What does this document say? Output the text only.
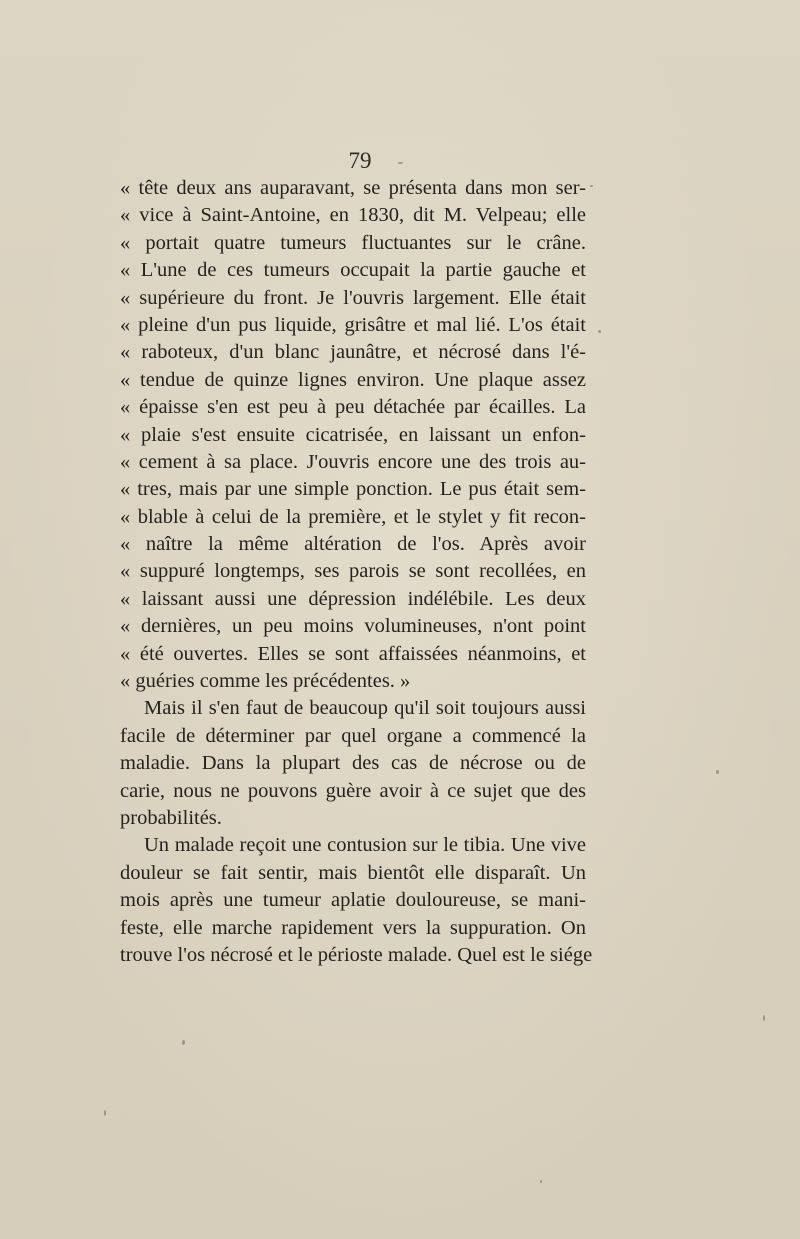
79
« tête deux ans auparavant, se présenta dans mon ser-
« vice à Saint-Antoine, en 1830, dit M. Velpeau; elle
« portait quatre tumeurs fluctuantes sur le crâne.
« L'une de ces tumeurs occupait la partie gauche et
« supérieure du front. Je l'ouvris largement. Elle était
« pleine d'un pus liquide, grisâtre et mal lié. L'os était
« raboteux, d'un blanc jaunâtre, et nécrosé dans l'é-
« tendue de quinze lignes environ. Une plaque assez
« épaisse s'en est peu à peu détachée par écailles. La
« plaie s'est ensuite cicatrisée, en laissant un enfon-
« cement à sa place. J'ouvris encore une des trois au-
« tres, mais par une simple ponction. Le pus était sem-
« blable à celui de la première, et le stylet y fit recon-
« naître la même altération de l'os. Après avoir
« suppuré longtemps, ses parois se sont recollées, en
« laissant aussi une dépression indélébile. Les deux
« dernières, un peu moins volumineuses, n'ont point
« été ouvertes. Elles se sont affaissées néanmoins, et
« guéries comme les précédentes. »
Mais il s'en faut de beaucoup qu'il soit toujours aussi
facile de déterminer par quel organe a commencé la
maladie. Dans la plupart des cas de nécrose ou de
carie, nous ne pouvons guère avoir à ce sujet que des
probabilités.
Un malade reçoit une contusion sur le tibia. Une vive
douleur se fait sentir, mais bientôt elle disparaît. Un
mois après une tumeur aplatie douloureuse, se mani-
feste, elle marche rapidement vers la suppuration. On
trouve l'os nécrosé et le périoste malade. Quel est le siége
